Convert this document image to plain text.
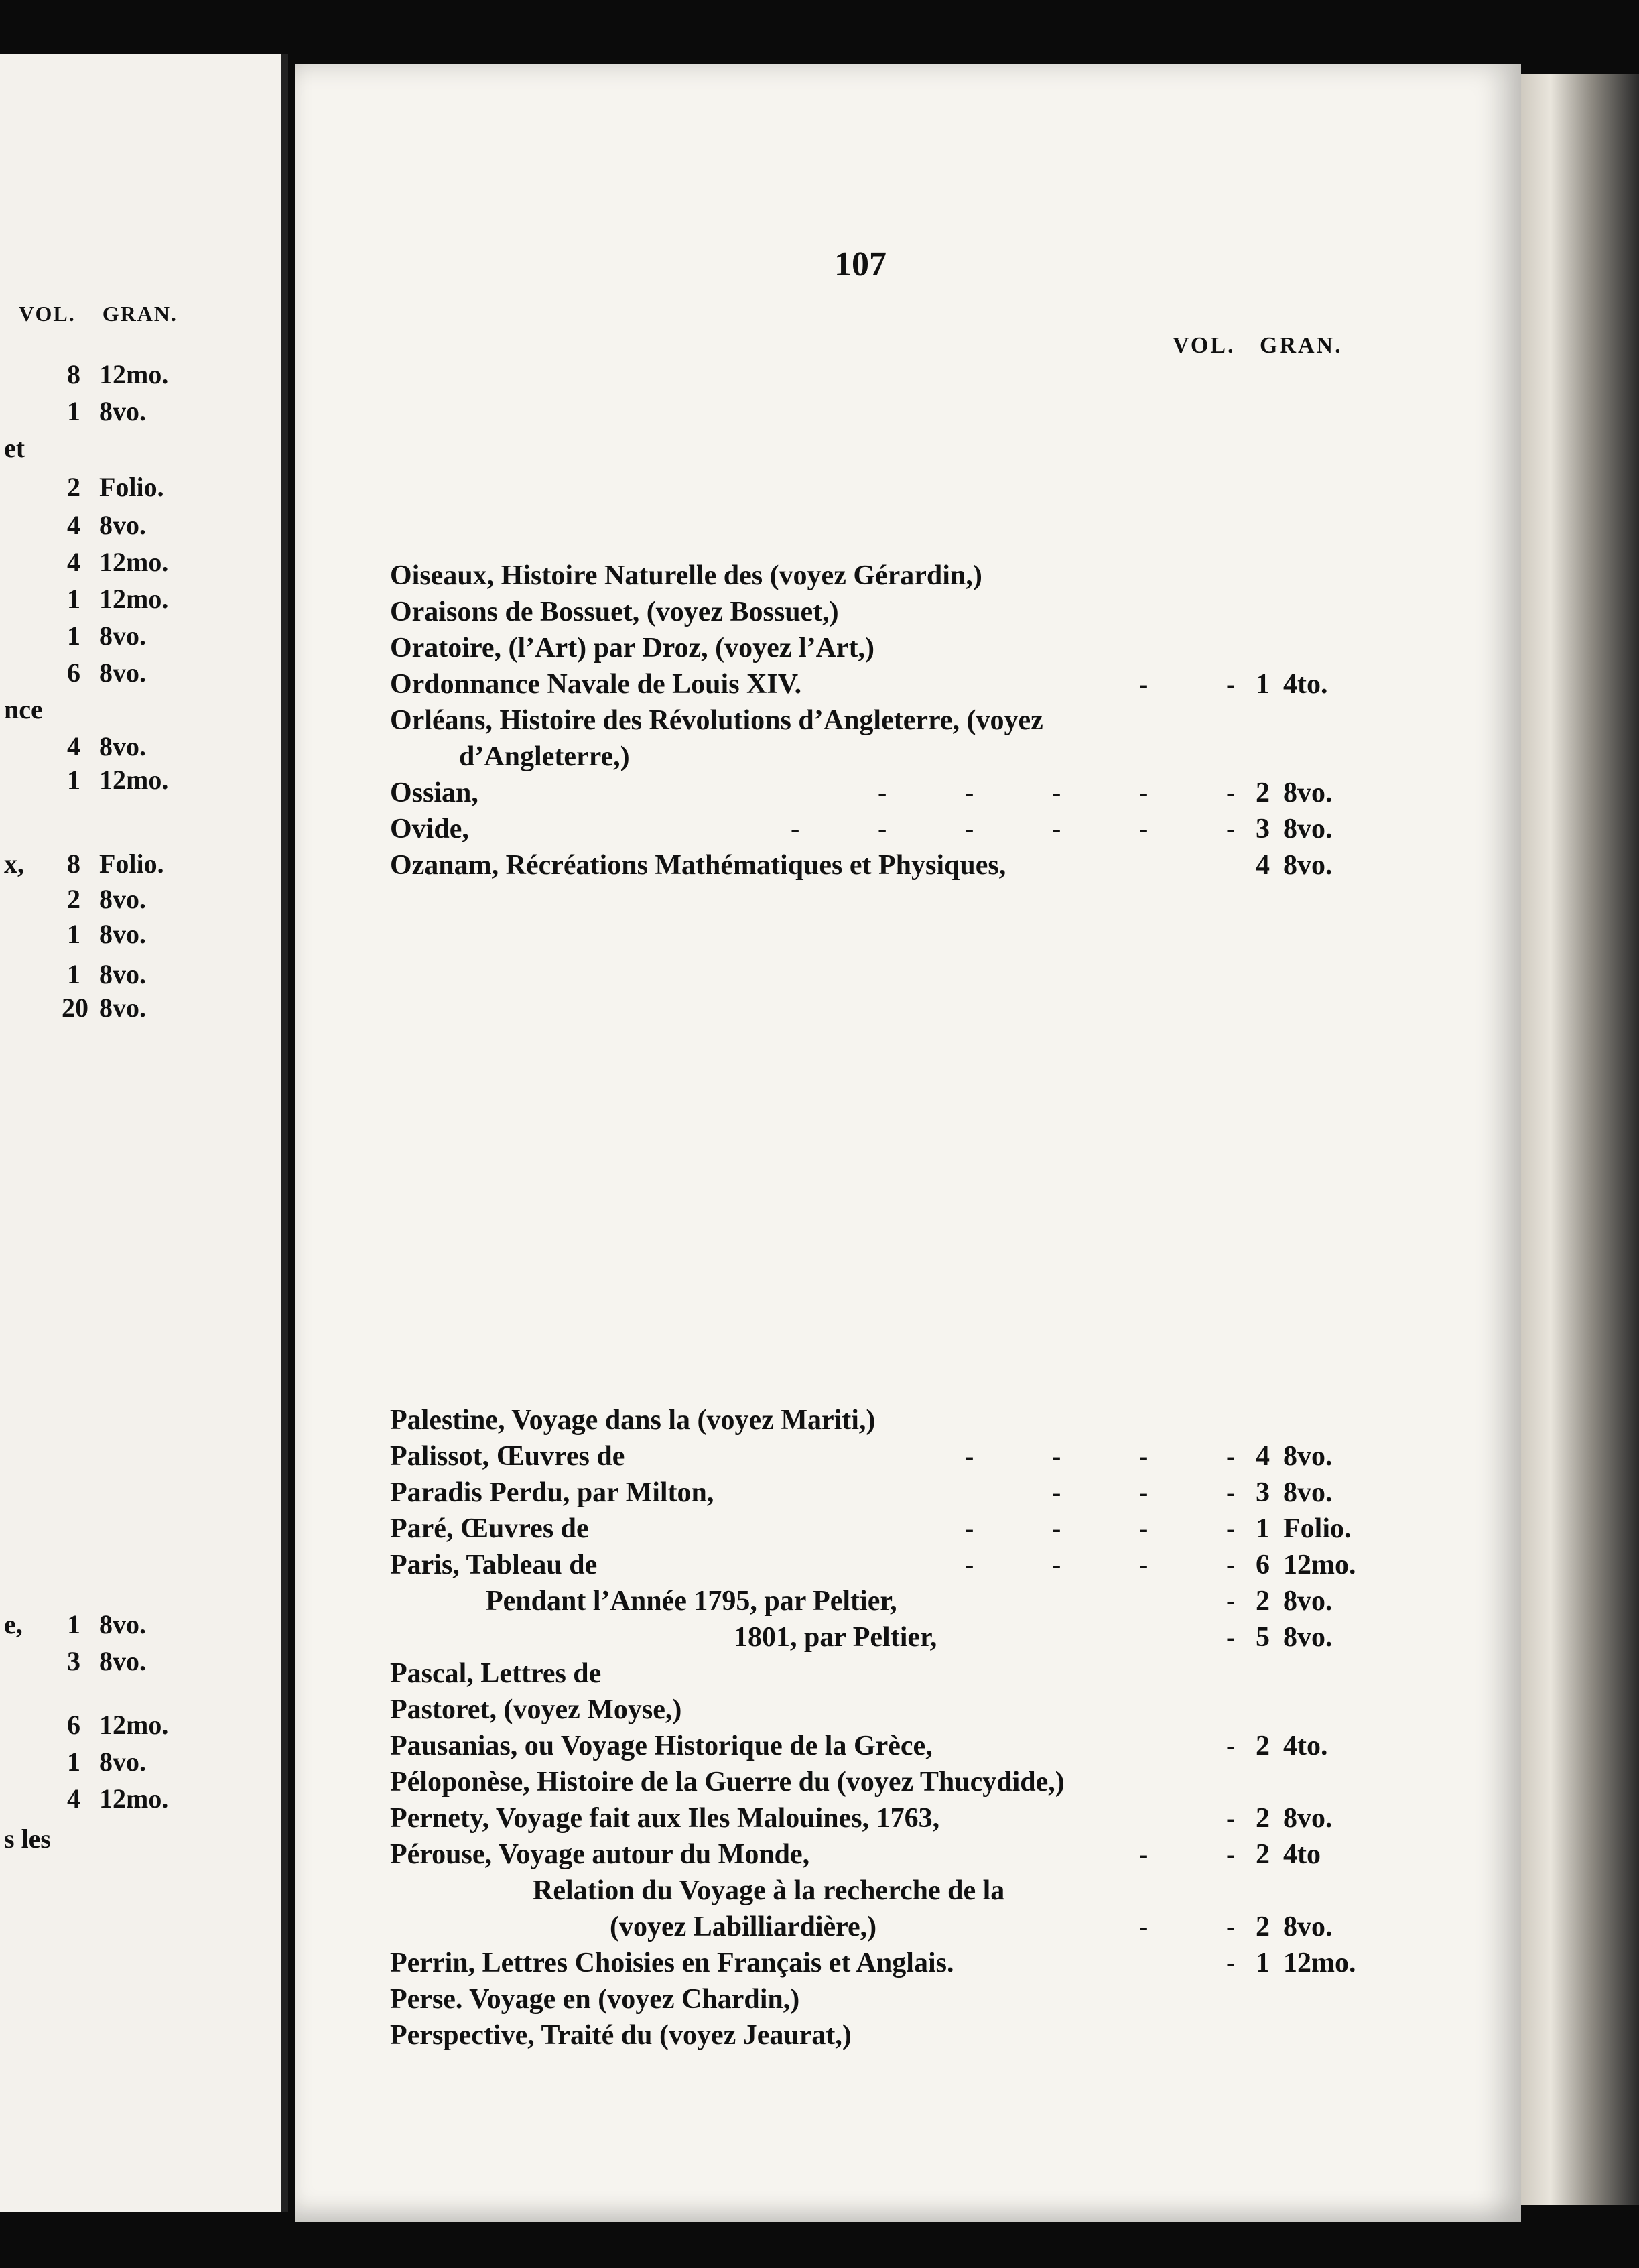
VOL. GRAN.
8 12mo.
1 8vo.
et
2 Folio.
4 8vo.
4 12mo.
1 12mo.
1 8vo.
6 8vo.
nce
4 8vo.
1 12mo.
x, 8 Folio.
2 8vo.
1 8vo.
1 8vo.
20 8vo.
e, 1 8vo.
3 8vo.
6 12mo.
1 8vo.
4 12mo.
s les
107
VOL. GRAN.
Oiseaux, Histoire Naturelle des (voyez Gérardin,)
Oraisons de Bossuet, (voyez Bossuet,)
Oratoire, (l’Art) par Droz, (voyez l’Art,)
Ordonnance Navale de Louis XIV.	-	- 1 4to.
Orléans, Histoire des Révolutions d’Angleterre, (voyez
d’Angleterre,)
Ossian,	-	-	-	-	- 2 8vo.
Ovide,	-	-	-	-	-	- 3 8vo.
Ozanam, Récréations Mathématiques et Physiques,	4 8vo.
Palestine, Voyage dans la (voyez Mariti,)
Palissot, Œuvres de	-	-	-	- 4 8vo.
Paradis Perdu, par Milton,	-	-	- 3 8vo.
Paré, Œuvres de	-	-	-	- 1 Folio.
Paris, Tableau de	-	-	-	- 6 12mo.
Pendant l’Année 1795, par Peltier,	- 2 8vo.
1801, par Peltier,	- 5 8vo.
Pascal, Lettres de
Pastoret, (voyez Moyse,)
Pausanias, ou Voyage Historique de la Grèce,	- 2 4to.
Péloponèse, Histoire de la Guerre du (voyez Thucydide,)
Pernety, Voyage fait aux Iles Malouines, 1763,	- 2 8vo.
Pérouse, Voyage autour du Monde,	-	- 2 4to
Relation du Voyage à la recherche de la
(voyez Labilliardière,)	-	- 2 8vo.
Perrin, Lettres Choisies en Français et Anglais.	- 1 12mo.
Perse. Voyage en (voyez Chardin,)
Perspective, Traité du (voyez Jeaurat,)
